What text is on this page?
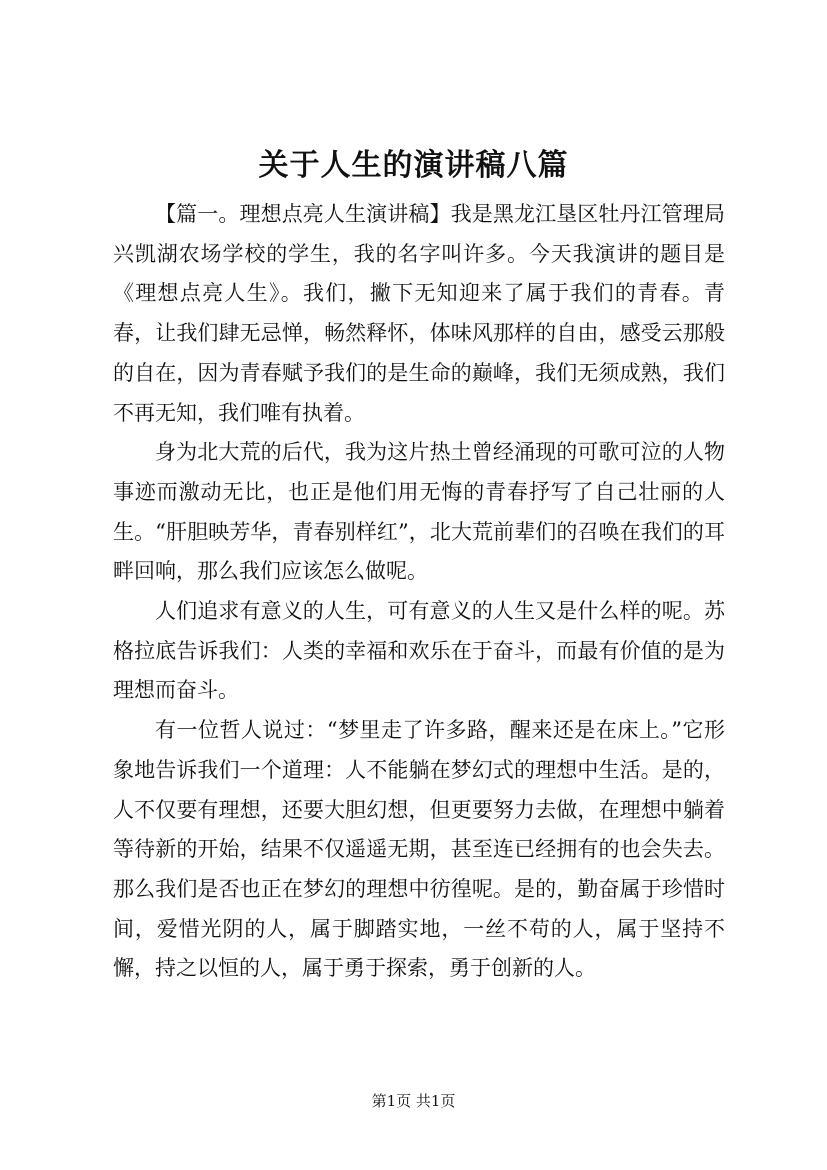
关于人生的演讲稿八篇

【篇一。理想点亮人生演讲稿】我是黑龙江垦区牡丹江管理局兴凯湖农场学校的学生，我的名字叫许多。今天我演讲的题目是《理想点亮人生》。我们，撇下无知迎来了属于我们的青春。青春，让我们肆无忌惮，畅然释怀，体味风那样的自由，感受云那般的自在，因为青春赋予我们的是生命的巅峰，我们无须成熟，我们不再无知，我们唯有执着。

身为北大荒的后代，我为这片热土曾经涌现的可歌可泣的人物事迹而激动无比，也正是他们用无悔的青春抒写了自己壮丽的人生。“肝胆映芳华，青春别样红”，北大荒前辈们的召唤在我们的耳畔回响，那么我们应该怎么做呢。

人们追求有意义的人生，可有意义的人生又是什么样的呢。苏格拉底告诉我们：人类的幸福和欢乐在于奋斗，而最有价值的是为理想而奋斗。

有一位哲人说过：“梦里走了许多路，醒来还是在床上。”它形象地告诉我们一个道理：人不能躺在梦幻式的理想中生活。是的，人不仅要有理想，还要大胆幻想，但更要努力去做，在理想中躺着等待新的开始，结果不仅遥遥无期，甚至连已经拥有的也会失去。那么我们是否也正在梦幻的理想中彷徨呢。是的，勤奋属于珍惜时间，爱惜光阴的人，属于脚踏实地，一丝不苟的人，属于坚持不懈，持之以恒的人，属于勇于探索，勇于创新的人。

第1页 共1页
